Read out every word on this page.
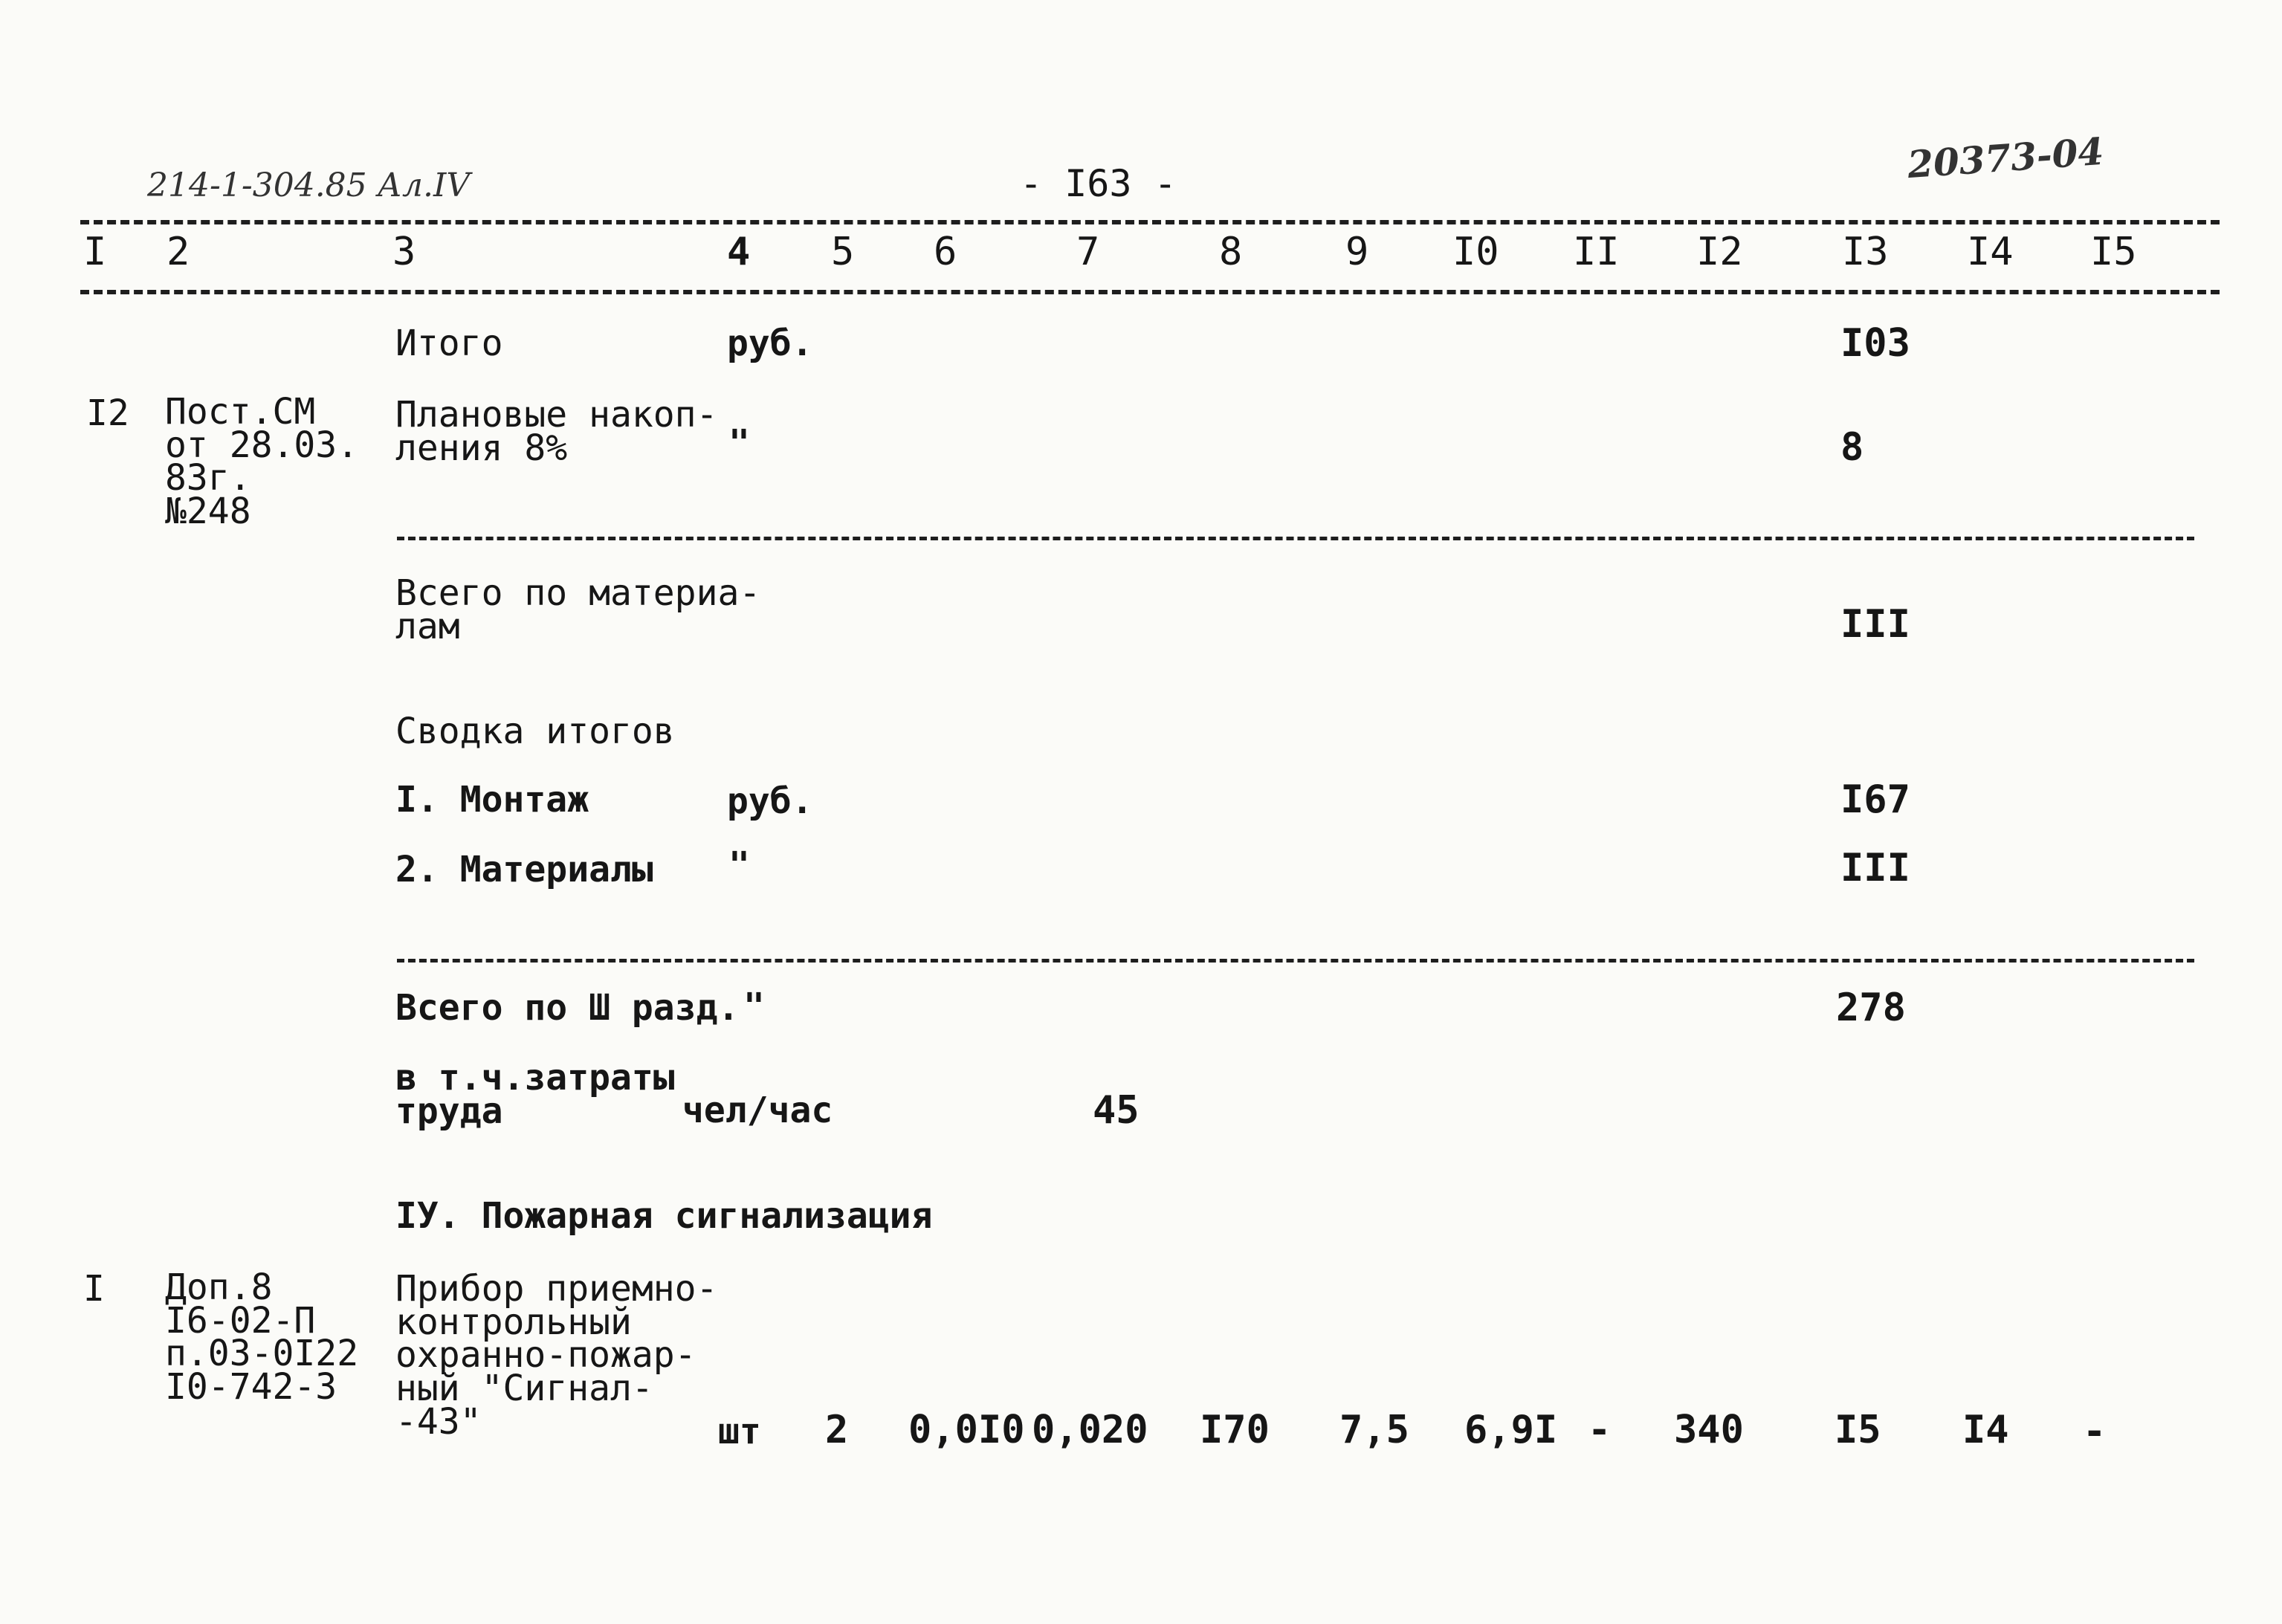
214-1-304.85 Ал.IV	- I63 -	20373-04
I 2	3	4 5 6	7	8	9 I0 II I2	I3 I4 I5
Итого	руб.	I03
I2 Пост.СМ
от 28.03.
83г.
№248
Плановые накоп-
ления 8%	"	8
Всего по материа-
лам	III
Сводка итогов
I. Монтаж	руб.	I67
2. Материалы "	III
Всего по Ш разд. "	278
в т.ч.затраты
труда	чел/час	45
IУ. Пожарная сигнализация
I Доп.8
I6-02-П
п.03-0I22
I0-742-3
Прибор приемно-
контрольный
охранно-пожар-
ный "Сигнал-
-43"	шт 2 0,0I0 0,020 I70 7,5 6,9I - 340 I5 I4 -
